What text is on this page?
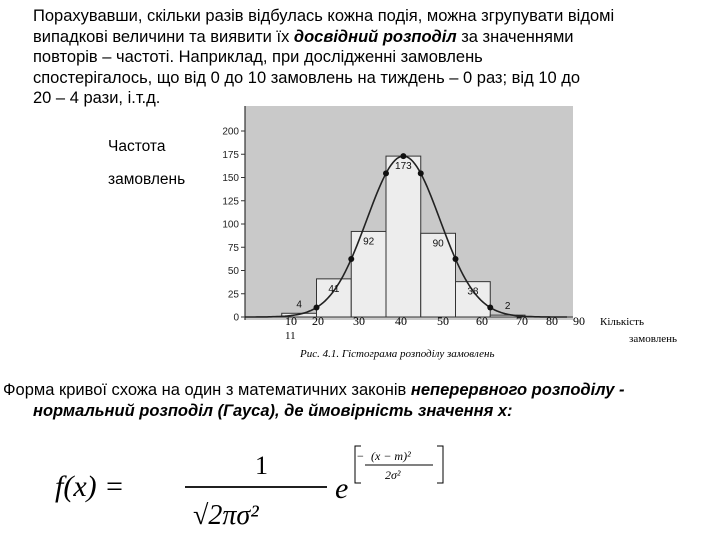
Порахувавши, скільки разів відбулась кожна подія, можна згрупувати відомі

випадкові величини та виявити їх досвідний розподіл за значеннями

повторів – частоті. Наприклад, при дослідженні замовлень

спостерігалось, що від 0 до 10 замовлень на тиждень – 0 раз; від 10 до

20 – 4 рази, і.т.д.

Частота
замовлень
0
25
50
75
100
125
150
175
200
4
41
92
173
90
38
2
10 20 30	40	50 60 70 80 90
11
Кількість
замовлень
Рис. 4.1. Гістограма розподілу замовлень

Форма кривої схожа на один з математичних законів неперервного розподілу - нормальний розподіл (Гауса), де ймовірність значення x:

f(x) =
1
√2πσ²
e
(x − m)²
2σ²
−
